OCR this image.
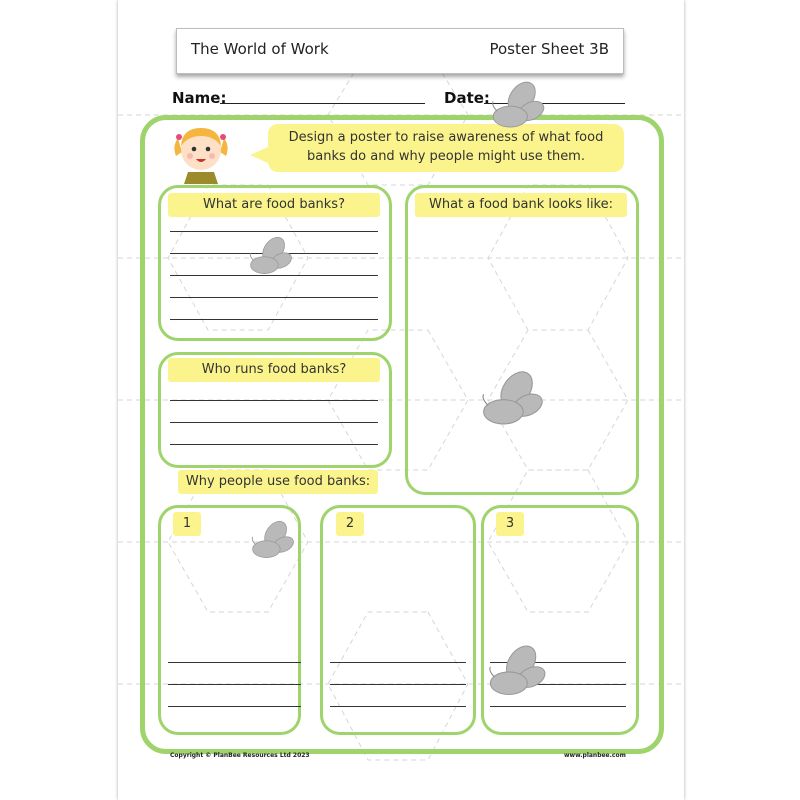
The World of Work	Poster Sheet 3B
Name:	Date:
Design a poster to raise awareness of what food banks do and why people might use them.
What are food banks?	What a food bank looks like:
Who runs food banks?
Why people use food banks:
1	2	3
Copyright © PlanBee Resources Ltd 2023	www.planbee.com
